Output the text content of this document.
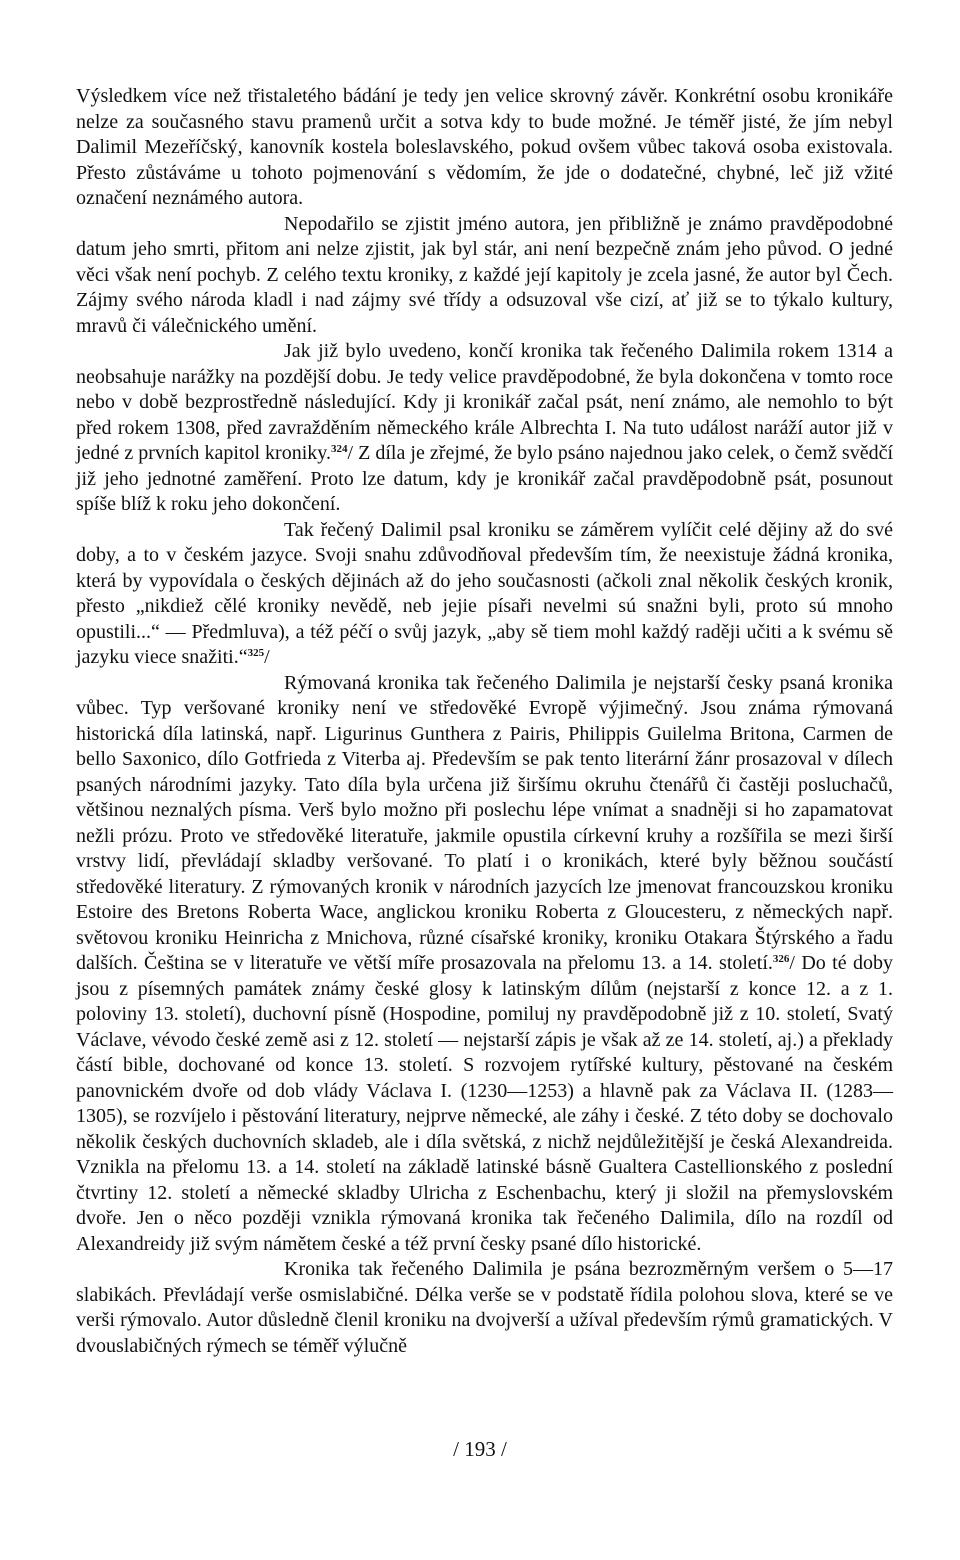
Výsledkem více než třistaletého bádání je tedy jen velice skrovný závěr. Konkrétní osobu kronikáře nelze za současného stavu pramenů určit a sotva kdy to bude možné. Je téměř jisté, že jím nebyl Dalimil Mezeříčský, kanovník kostela boleslavského, pokud ovšem vůbec taková osoba existovala. Přesto zůstáváme u tohoto pojmenování s vědomím, že jde o dodatečné, chybné, leč již vžité označení neznámého autora.

Nepodařilo se zjistit jméno autora, jen přibližně je známo pravděpodobné datum jeho smrti, přitom ani nelze zjistit, jak byl stár, ani není bezpečně znám jeho původ. O jedné věci však není pochyb. Z celého textu kroniky, z každé její kapitoly je zcela jasné, že autor byl Čech. Zájmy svého národa kladl i nad zájmy své třídy a odsuzoval vše cizí, ať již se to týkalo kultury, mravů či válečnického umění.

Jak již bylo uvedeno, končí kronika tak řečeného Dalimila rokem 1314 a neobsahuje narážky na pozdější dobu. Je tedy velice pravděpodobné, že byla dokončena v tomto roce nebo v době bezprostředně následující. Kdy ji kronikář začal psát, není známo, ale nemohlo to být před rokem 1308, před zavražděním německého krále Albrechta I. Na tuto událost naráží autor již v jedné z prvních kapitol kroniky.$^{324}$/ Z díla je zřejmé, že bylo psáno najednou jako celek, o čemž svědčí již jeho jednotné zaměření. Proto lze datum, kdy je kronikář začal pravděpodobně psát, posunout spíše blíž k roku jeho dokončení.

Tak řečený Dalimil psal kroniku se záměrem vylíčit celé dějiny až do své doby, a to v českém jazyce. Svoji snahu zdůvodňoval především tím, že neexistuje žádná kronika, která by vypovídala o českých dějinách až do jeho současnosti (ačkoli znal několik českých kronik, přesto „nikdiež cělé kroniky nevědě, neb jejie písaři nevelmi sú snažni byli, proto sú mnoho opustili...“ — Předmluva), a též péčí o svůj jazyk, „aby sě tiem mohl každý raději učiti a k svému sě jazyku viece snažiti.“$^{325}$/

Rýmovaná kronika tak řečeného Dalimila je nejstarší česky psaná kronika vůbec. Typ veršované kroniky není ve středověké Evropě výjimečný. Jsou známa rýmovaná historická díla latinská, např. Ligurinus Gunthera z Pairis, Philippis Guilelma Britona, Carmen de bello Saxonico, dílo Gotfrieda z Viterba aj. Především se pak tento literární žánr prosazoval v dílech psaných národními jazyky. Tato díla byla určena již širšímu okruhu čtenářů či častěji posluchačů, většinou neznalých písma. Verš bylo možno při poslechu lépe vnímat a snadněji si ho zapamatovat nežli prózu. Proto ve středověké literatuře, jakmile opustila církevní kruhy a rozšířila se mezi širší vrstvy lidí, převládají skladby veršované. To platí i o kronikách, které byly běžnou součástí středověké literatury. Z rýmovaných kronik v národních jazycích lze jmenovat francouzskou kroniku Estoire des Bretons Roberta Wace, anglickou kroniku Roberta z Gloucesteru, z německých např. světovou kroniku Heinricha z Mnichova, různé císařské kroniky, kroniku Otakara Štýrského a řadu dalších. Čeština se v literatuře ve větší míře prosazovala na přelomu 13. a 14. století.$^{326}$/ Do té doby jsou z písemných památek známy české glosy k latinským dílům (nejstarší z konce 12. a z 1. poloviny 13. století), duchovní písně (Hospodine, pomiluj ny pravděpodobně již z 10. století, Svatý Václave, vévodo české země asi z 12. století — nejstarší zápis je však až ze 14. století, aj.) a překlady částí bible, dochované od konce 13. století. S rozvojem rytířské kultury, pěstované na českém panovnickém dvoře od dob vlády Václava I. (1230—1253) a hlavně pak za Václava II. (1283—1305), se rozvíjelo i pěstování literatury, nejprve německé, ale záhy i české. Z této doby se dochovalo několik českých duchovních skladeb, ale i díla světská, z nichž nejdůležitější je česká Alexandreida. Vznikla na přelomu 13. a 14. století na základě latinské básně Gualtera Castellionského z poslední čtvrtiny 12. století a německé skladby Ulricha z Eschenbachu, který ji složil na přemyslovském dvoře. Jen o něco později vznikla rýmovaná kronika tak řečeného Dalimila, dílo na rozdíl od Alexandreidy již svým námětem české a též první česky psané dílo historické.

Kronika tak řečeného Dalimila je psána bezrozměrným veršem o 5—17 slabikách. Převládají verše osmislabičné. Délka verše se v podstatě řídila polohou slova, které se ve verši rýmovalo. Autor důsledně členil kroniku na dvojverší a užíval především rýmů gramatických. V dvouslabičných rýmech se téměř výlučně

/ 193 /
